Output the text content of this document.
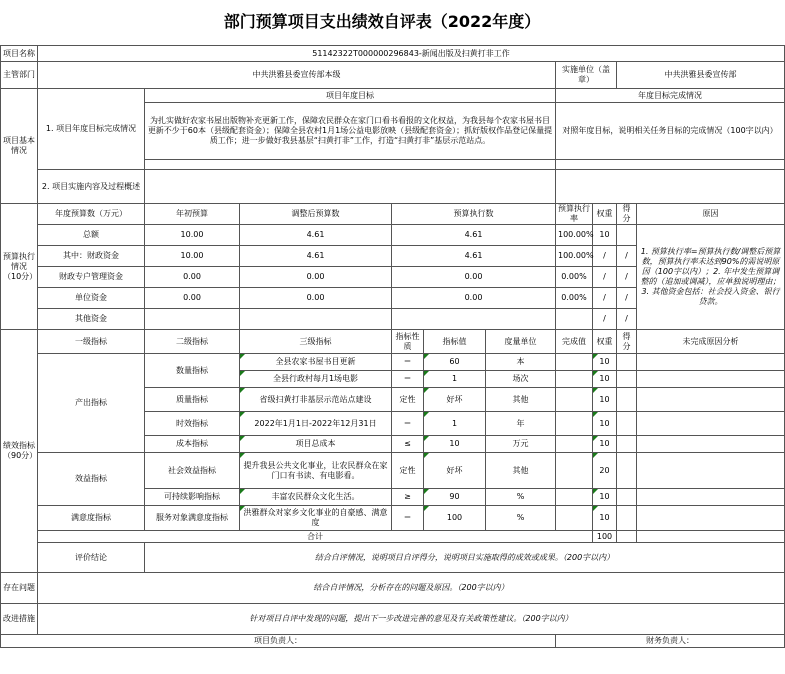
部门预算项目支出绩效自评表（2022年度）
项目名称	51142322T000000296843-新闻出版及扫黄打非工作									
主管部门	中共洪雅县委宣传部本级						实施单位（盖章）		中共洪雅县委宣传部	
项目基本情况	1. 项目年度目标完成情况	项目年度目标					年度目标完成情况			
		为扎实做好农家书屋出版物补充更新工作，保障农民群众在家门口看书看报的文化权益，为我县每个农家书屋书目更新不少于60本（县级配套资金）；保障全县农村1月1场公益电影放映（县级配套资金）；抓好版权作品登记保量提质工作；进一步做好我县基层“扫黄打非”工作，打造“扫黄打非”基层示范站点。					对照年度目标，说明相关任务目标的完成情况（100字以内）			

	2. 项目实施内容及过程概述									
预算执行情况（10分）	年度预算数（万元）	年初预算	调整后预算数	预算执行数			预算执行率	权重	得分	原因
	总额	10.00	4.61	4.61			100.00%	10		1. 预算执行率=预算执行数/调整后预算数，预算执行率未达到90%的需说明原因（100字以内）；2. 年中发生预算调整的（追加或调减），应单独说明理由；3. 其他资金包括：社会投入资金、银行贷款。
	其中：财政资金	10.00	4.61	4.61			100.00%	/	/	
	财政专户管理资金	0.00	0.00	0.00			0.00%	/	/	
	单位资金	0.00	0.00	0.00			0.00%	/	/	
	其他资金							/	/	
绩效指标（90分）	一级指标	二级指标	三级指标	指标性质	指标值	度量单位	完成值	权重	得分	未完成原因分析
	产出指标	数量指标	全县农家书屋书目更新	＝	60	本		10		
			全县行政村每月1场电影	＝	1	场次		10		
		质量指标	省级扫黄打非基层示范站点建设	定性	好坏	其他		10		
		时效指标	2022年1月1日-2022年12月31日	＝	1	年		10		
		成本指标	项目总成本	≤	10	万元		10		
	效益指标	社会效益指标	提升我县公共文化事业，让农民群众在家门口有书读、有电影看。	定性	好坏	其他		20		
		可持续影响指标	丰富农民群众文化生活。	≥	90	%		10		
	满意度指标	服务对象满意度指标	洪雅群众对家乡文化事业的自豪感、满意度	＝	100	%		10		
	合计							100		
	评价结论	结合自评情况，说明项目自评得分，说明项目实施取得的成效或成果。（200字以内）								
存在问题	结合自评情况，分析存在的问题及原因。（200字以内）									
改进措施	针对项目自评中发现的问题，提出下一步改进完善的意见及有关政策性建议。（200字以内）									
项目负责人：							财务负责人：			
